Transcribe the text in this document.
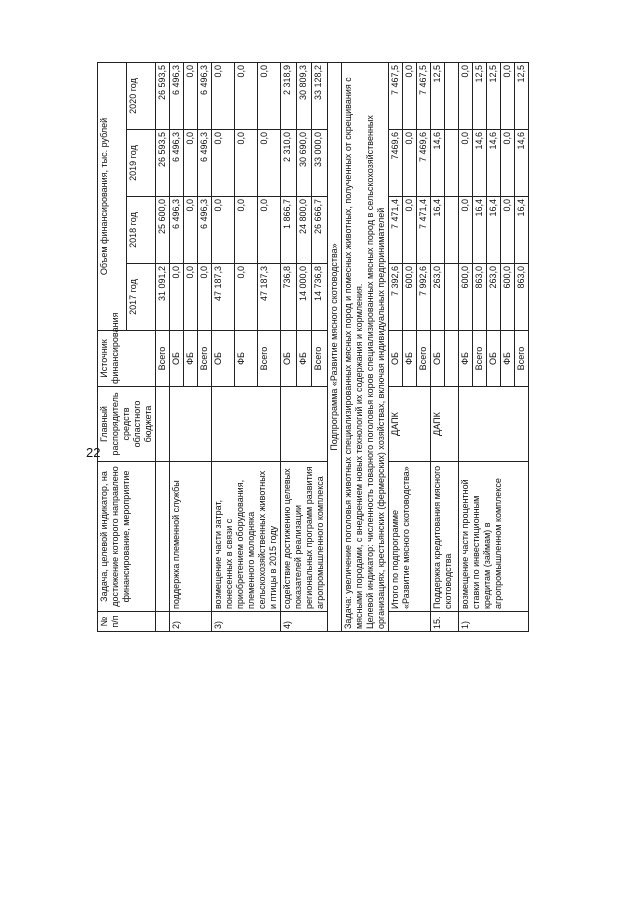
22
№ п/п	Задача, целевой индикатор, на достижение которого направлено финансирование, мероприятие	Главный распорядитель средств областного бюджета	Источник финансирования	Объем финансирования, тыс. рублей			
				2017 год	2018 год	2019 год	2020 год
			Всего	31 091,2	25 600,0	26 593,5	26 593,5
2)	поддержка племенной службы		ОБ	0,0	6 496,3	6 496,3	6 496,3
			ФБ	0,0	0,0	0,0	0,0
			Всего	0,0	6 496,3	6 496,3	6 496,3
3)	возмещение части затрат, понесенных в связи с приобретением оборудования, племенного молодняка сельскохозяйственных животных и птицы в 2015 году		ОБ	47 187,3	0,0	0,0	0,0
			ФБ	0,0	0,0	0,0	0,0
			Всего	47 187,3	0,0	0,0	0,0
4)	содействие достижению целевых показателей реализации региональных программ развития агропромышленного комплекса		ОБ	736,8	1 866,7	2 310,0	2 318,9
			ФБ	14 000,0	24 800,0	30 690,0	30 809,3
			Всего	14 736,8	26 666,7	33 000,0	33 128,2
Подпрограмма «Развитие мясного скотоводства»							
Задача: увеличение поголовья животных специализированных мясных пород и помесных животных, полученных от скрещивания с мясными породами, с внедрением новых технологий их содержания и кормления.
Целевой индикатор: численность товарного поголовья коров специализированных мясных пород в сельскохозяйственных организациях, крестьянских (фермерских) хозяйствах, включая индивидуальных предпринимателей							
	Итого по подпрограмме «Развитие мясного скотоводства»	ДАПК	ОБ	7 392,6	7 471,4	7469,6	7 467,5
			ФБ	600,0	0,0	0,0	0,0
			Всего	7 992,6	7 471,4	7 469,6	7 467,5
15.	Поддержка кредитования мясного скотоводства	ДАПК	ОБ	263,0	16,4	14,6	12,5

1)	возмещение части процентной ставки по инвестиционным кредитам (займам) в агропромышленном комплексе		ФБ	600,0	0,0	0,0	0,0
			Всего	863,0	16,4	14,6	12,5
			ОБ	263,0	16,4	14,6	12,5
			ФБ	600,0	0,0	0,0	0,0
			Всего	863,0	16,4	14,6	12,5
